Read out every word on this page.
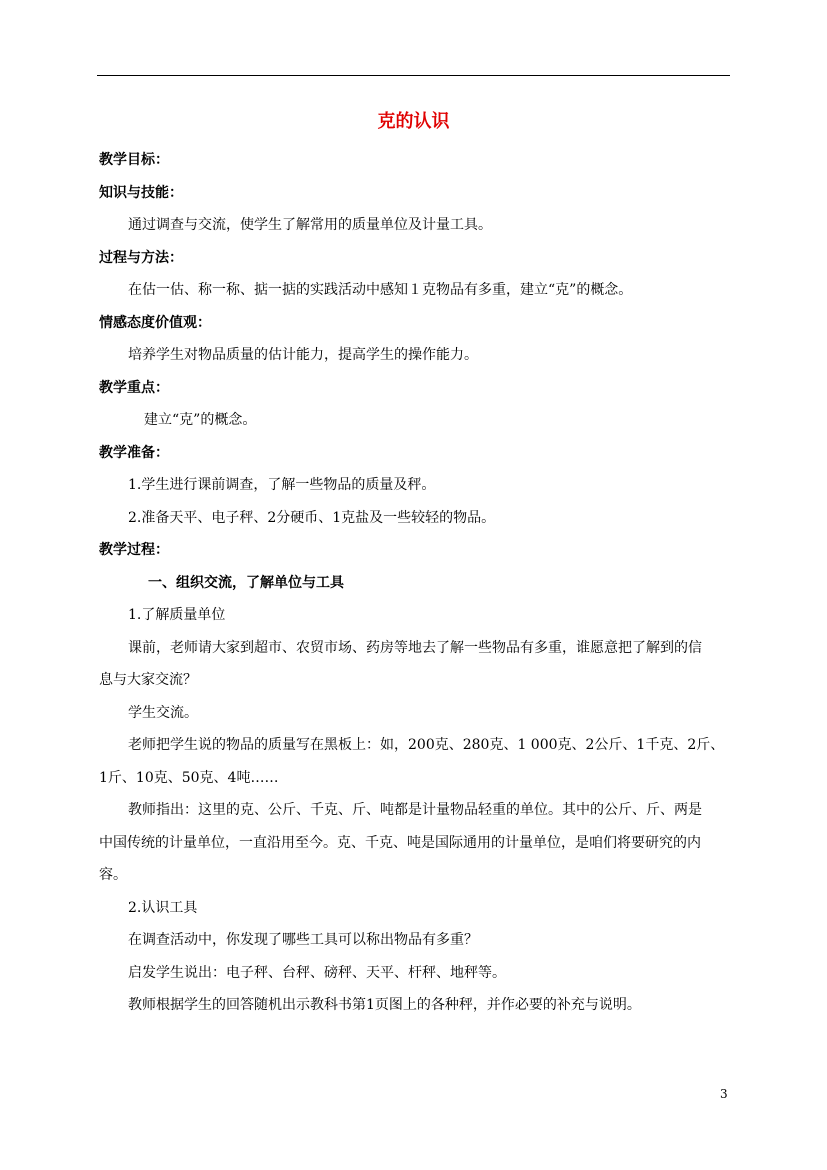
克的认识
教学目标：
知识与技能：
通过调查与交流，使学生了解常用的质量单位及计量工具。
过程与方法：
在估一估、称一称、掂一掂的实践活动中感知１克物品有多重，建立“克”的概念。
情感态度价值观：
培养学生对物品质量的估计能力，提高学生的操作能力。
教学重点：
建立“克”的概念。
教学准备：
1.学生进行课前调查，了解一些物品的质量及秤。
2.准备天平、电子秤、2分硬币、1克盐及一些较轻的物品。
教学过程：
一、组织交流，了解单位与工具
1.了解质量单位
课前，老师请大家到超市、农贸市场、药房等地去了解一些物品有多重，谁愿意把了解到的信
息与大家交流？
学生交流。
老师把学生说的物品的质量写在黑板上：如，200克、280克、1 000克、2公斤、1千克、2斤、
1斤、10克、50克、4吨……
教师指出：这里的克、公斤、千克、斤、吨都是计量物品轻重的单位。其中的公斤、斤、两是
中国传统的计量单位，一直沿用至今。克、千克、吨是国际通用的计量单位，是咱们将要研究的内
容。
2.认识工具
在调查活动中，你发现了哪些工具可以称出物品有多重？
启发学生说出：电子秤、台秤、磅秤、天平、杆秤、地秤等。
教师根据学生的回答随机出示教科书第1页图上的各种秤，并作必要的补充与说明。
3
